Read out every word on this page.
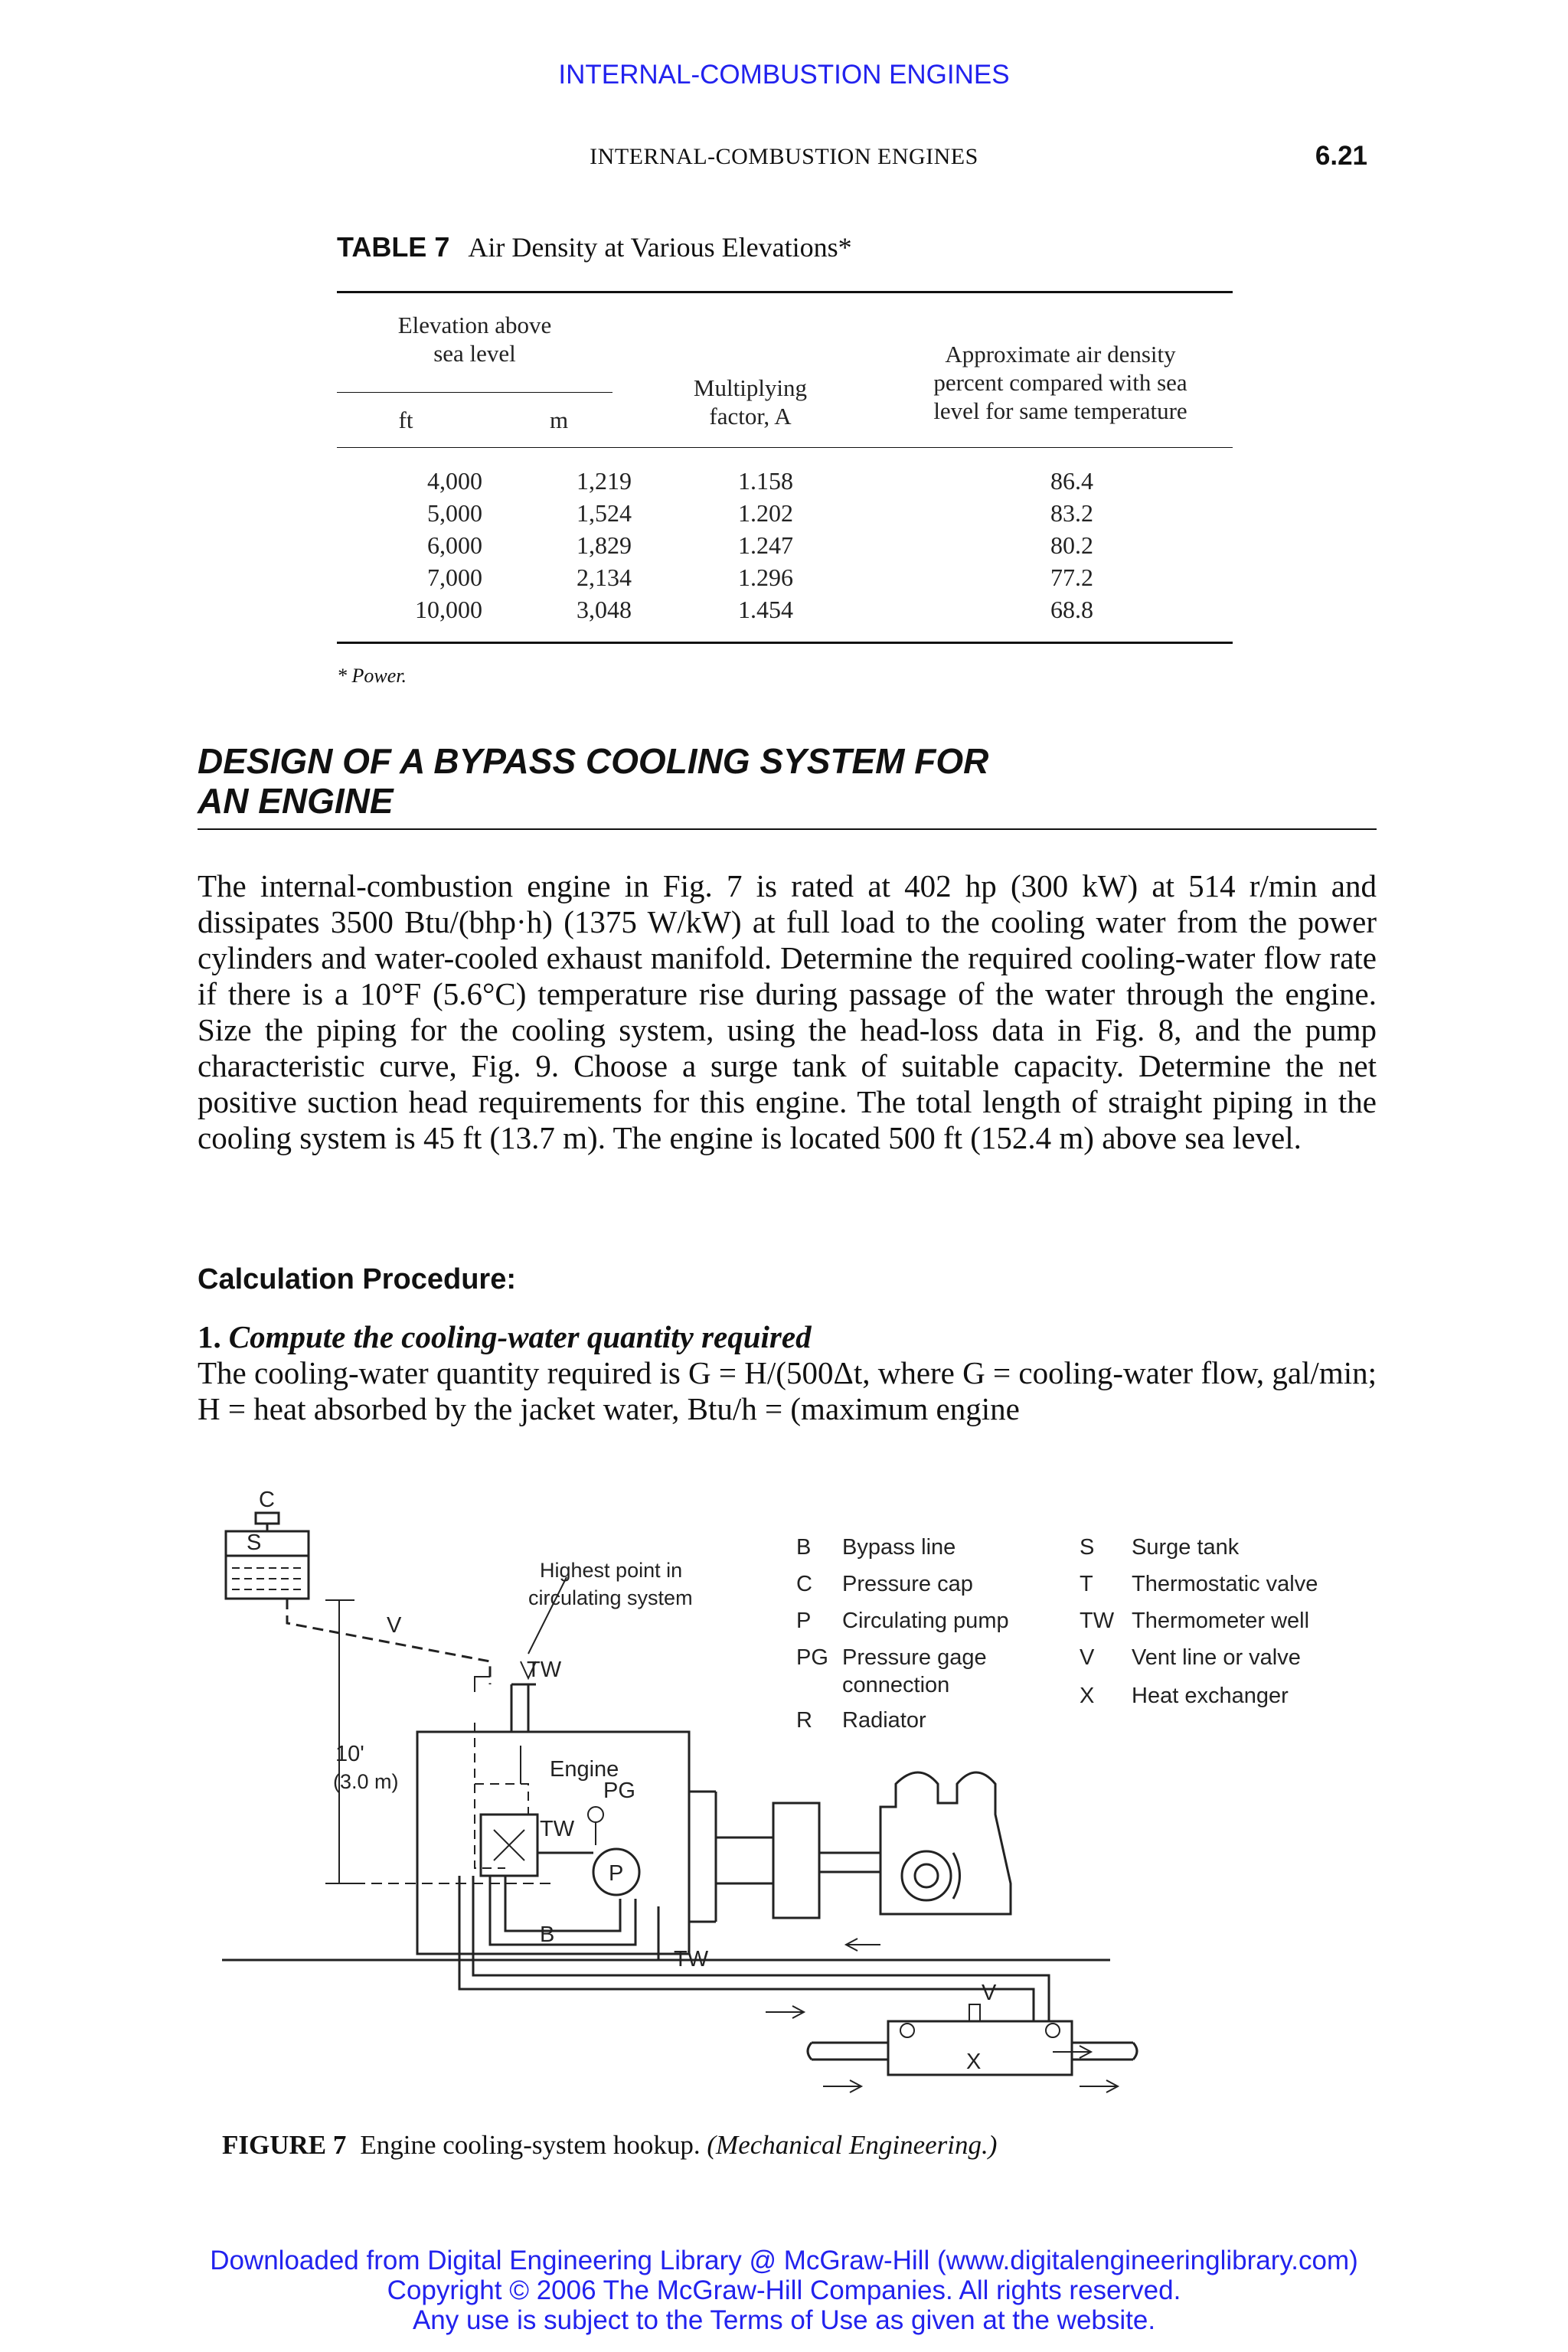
INTERNAL-COMBUSTION ENGINES
INTERNAL-COMBUSTION ENGINES	6.21
TABLE 7 Air Density at Various Elevations*
Elevation above
sea level
ft	m
Multiplying
factor, A
Approximate air density
percent compared with sea
level for same temperature
4,000	1,219	1.158	86.4
5,000	1,524	1.202	83.2
6,000	1,829	1.247	80.2
7,000	2,134	1.296	77.2
10,000	3,048	1.454	68.8
* Power.
DESIGN OF A BYPASS COOLING SYSTEM FOR
AN ENGINE
The internal-combustion engine in Fig. 7 is rated at 402 hp (300 kW) at 514 r/min and dissipates 3500 Btu/(bhp·h) (1375 W/kW) at full load to the cooling water from the power cylinders and water-cooled exhaust manifold. Determine the required cooling-water flow rate if there is a 10°F (5.6°C) temperature rise during passage of the water through the engine. Size the piping for the cooling system, using the head-loss data in Fig. 8, and the pump characteristic curve, Fig. 9. Choose a surge tank of suitable capacity. Determine the net positive suction head requirements for this engine. The total length of straight piping in the cooling system is 45 ft (13.7 m). The engine is located 500 ft (152.4 m) above sea level.
Calculation Procedure:
1. Compute the cooling-water quantity required
The cooling-water quantity required is G = H/(500Δt, where G = cooling-water flow, gal/min; H = heat absorbed by the jacket water, Btu/h = (maximum engine
C
S
V
Highest point in
circulating system
TW
PG
TW
P
B
TW
Engine
10'
(3.0 m)
V
X
B Bypass line
C Pressure cap
P Circulating pump
PG Pressure gage
connection
R Radiator
S Surge tank
T Thermostatic valve
TW Thermometer well
V Vent line or valve
X Heat exchanger
FIGURE 7 Engine cooling-system hookup. (Mechanical Engineering.)
Downloaded from Digital Engineering Library @ McGraw-Hill (www.digitalengineeringlibrary.com)
Copyright © 2006 The McGraw-Hill Companies. All rights reserved.
Any use is subject to the Terms of Use as given at the website.
